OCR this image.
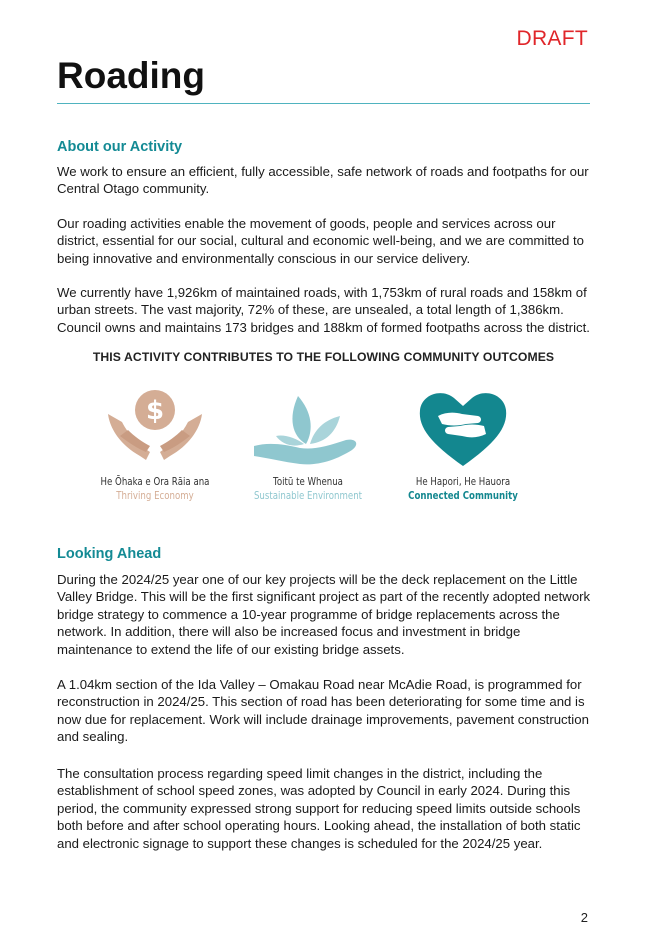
DRAFT
Roading
About our Activity

We work to ensure an efficient, fully accessible, safe network of roads and footpaths for our Central Otago community.

Our roading activities enable the movement of goods, people and services across our district, essential for our social, cultural and economic well-being, and we are committed to being innovative and environmentally conscious in our service delivery.

We currently have 1,926km of maintained roads, with 1,753km of rural roads and 158km of urban streets. The vast majority, 72% of these, are unsealed, a total length of 1,386km. Council owns and maintains 173 bridges and 188km of formed footpaths across the district.

THIS ACTIVITY CONTRIBUTES TO THE FOLLOWING COMMUNITY OUTCOMES
$
He Ōhaka e Ora Rāia ana
Thriving Economy
Toitū te Whenua
Sustainable Environment
He Hapori, He Hauora
Connected Community
Looking Ahead

During the 2024/25 year one of our key projects will be the deck replacement on the Little Valley Bridge. This will be the first significant project as part of the recently adopted network bridge strategy to commence a 10-year programme of bridge replacements across the network. In addition, there will also be increased focus and investment in bridge maintenance to extend the life of our existing bridge assets.

A 1.04km section of the Ida Valley – Omakau Road near McAdie Road, is programmed for reconstruction in 2024/25. This section of road has been deteriorating for some time and is now due for replacement. Work will include drainage improvements, pavement construction and sealing.

The consultation process regarding speed limit changes in the district, including the establishment of school speed zones, was adopted by Council in early 2024. During this period, the community expressed strong support for reducing speed limits outside schools both before and after school operating hours. Looking ahead, the installation of both static and electronic signage to support these changes is scheduled for the 2024/25 year.

2
